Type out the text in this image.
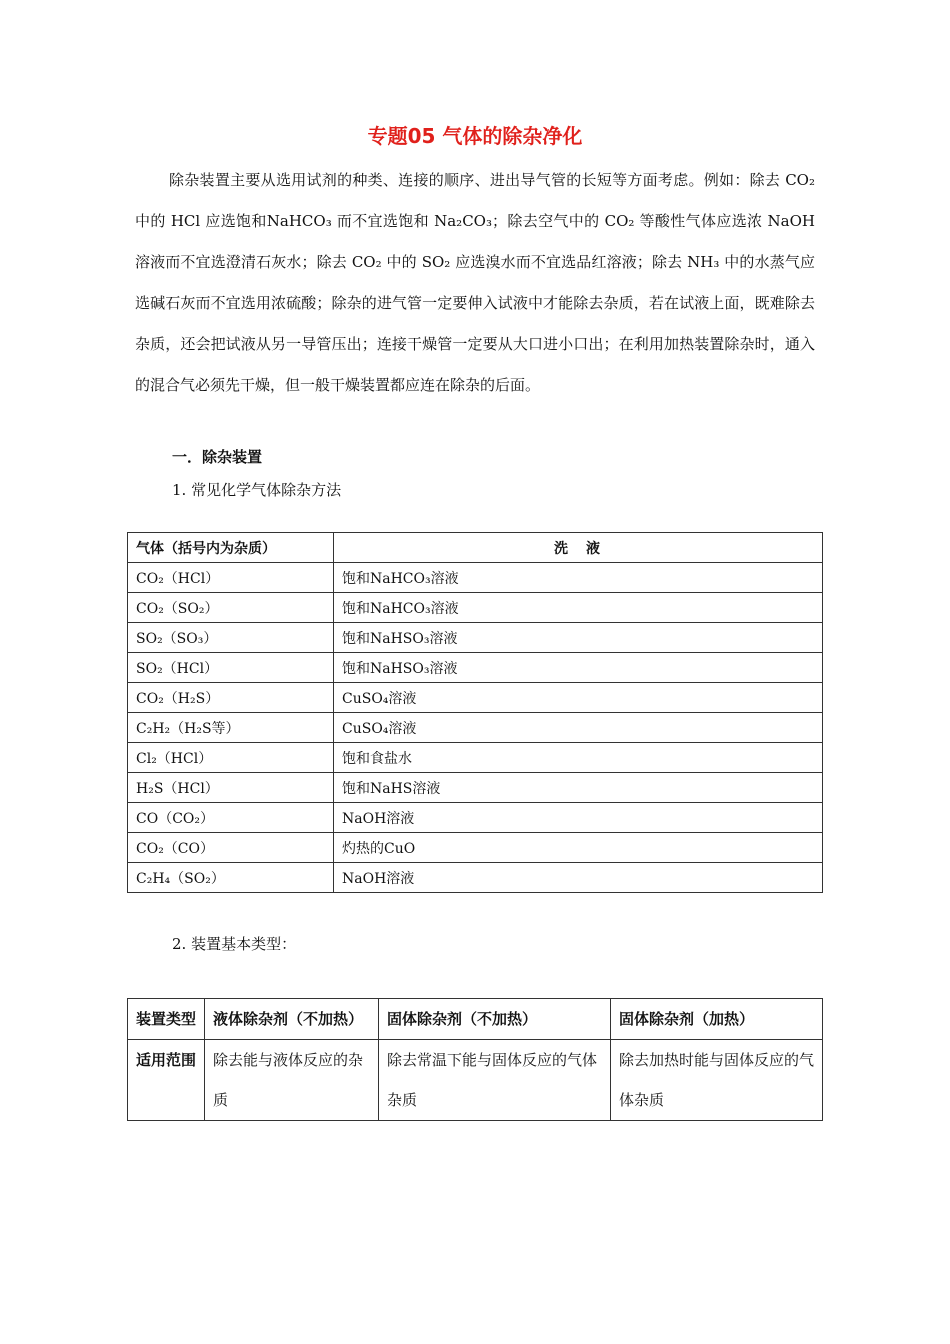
专题05 气体的除杂净化
除杂装置主要从选用试剂的种类、连接的顺序、进出导气管的长短等方面考虑。例如：除去 CO₂ 中的 HCl 应选饱和NaHCO₃ 而不宜选饱和 Na₂CO₃；除去空气中的 CO₂ 等酸性气体应选浓 NaOH 溶液而不宜选澄清石灰水；除去 CO₂ 中的 SO₂ 应选溴水而不宜选品红溶液；除去 NH₃ 中的水蒸气应选碱石灰而不宜选用浓硫酸；除杂的进气管一定要伸入试液中才能除去杂质，若在试液上面，既难除去杂质，还会把试液从另一导管压出；连接干燥管一定要从大口进小口出；在利用加热装置除杂时，通入的混合气必须先干燥，但一般干燥装置都应连在除杂的后面。
一．除杂装置
1. 常见化学气体除杂方法
气体（括号内为杂质）	洗　液
CO₂（HCl）	饱和NaHCO₃溶液
CO₂（SO₂）	饱和NaHCO₃溶液
SO₂（SO₃）	饱和NaHSO₃溶液
SO₂（HCl）	饱和NaHSO₃溶液
CO₂（H₂S）	CuSO₄溶液
C₂H₂（H₂S等）	CuSO₄溶液
Cl₂（HCl）	饱和食盐水
H₂S（HCl）	饱和NaHS溶液
CO（CO₂）	NaOH溶液
CO₂（CO）	灼热的CuO
C₂H₄（SO₂）	NaOH溶液
2. 装置基本类型：
装置类型	液体除杂剂（不加热）	固体除杂剂（不加热）	固体除杂剂（加热）
适用范围	除去能与液体反应的杂质	除去常温下能与固体反应的气体杂质	除去加热时能与固体反应的气体杂质
